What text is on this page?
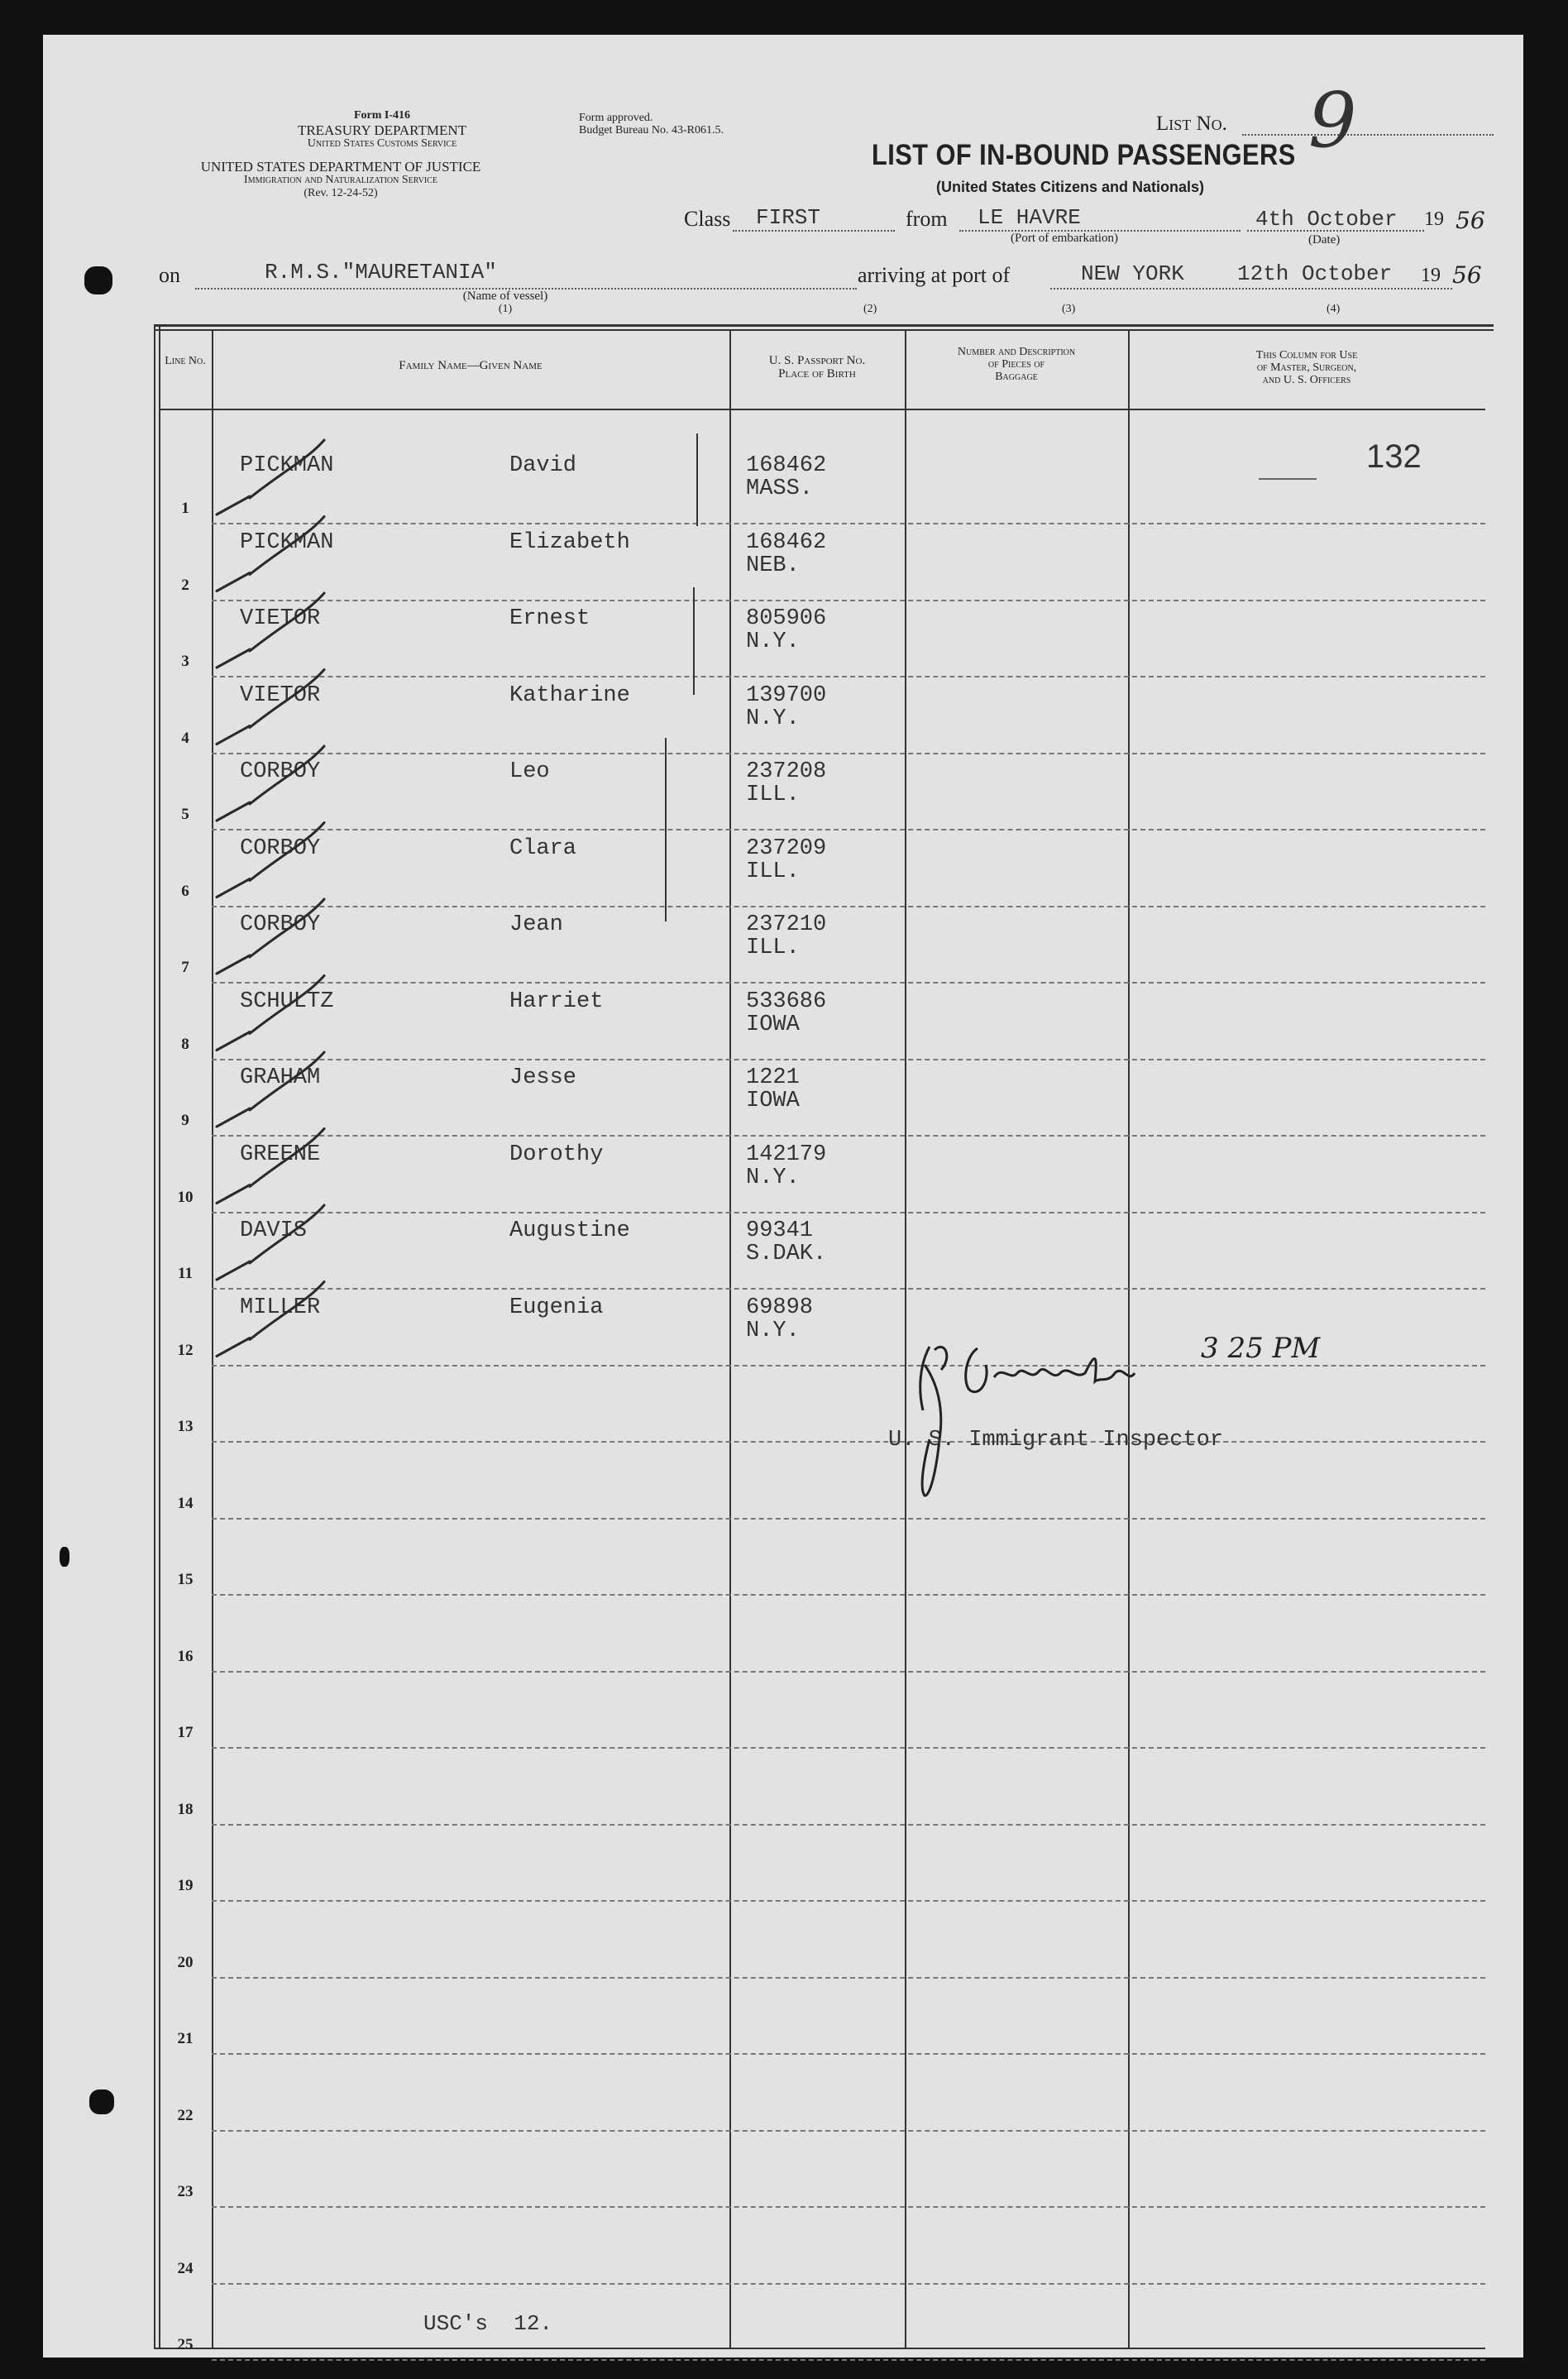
Form I-416
TREASURY DEPARTMENT
United States Customs Service
UNITED STATES DEPARTMENT OF JUSTICE
Immigration and Naturalization Service
(Rev. 12-24-52)
Form approved.
Budget Bureau No. 43-R061.5.	List No. 9
LIST OF IN-BOUND PASSENGERS
(United States Citizens and Nationals)
Class FIRST	from LE HAVRE
(Port of embarkation)
4th October 19 56
(Date)
on	R.M.S."MAURETANIA"
(Name of vessel)
(1)
arriving at port of	NEW YORK 12th October 19 56
(2)	(3)	(4)
Line No.	Family Name—Given Name	U. S. Passport No.
Place of Birth
Number and Description
of Pieces of
Baggage
This Column for Use
of Master, Surgeon,
and U. S. Officers
132
1
PICKMAN	David	168462
MASS.
2
PICKMAN	Elizabeth	168462
NEB.
3
VIETOR	Ernest	805906
N.Y.
4
VIETOR	Katharine	139700
N.Y.
5
CORBOY	Leo	237208
ILL.
6
CORBOY	Clara	237209
ILL.
7
CORBOY	Jean	237210
ILL.
8
SCHULTZ	Harriet	533686
IOWA
9
GRAHAM	Jesse	1221
IOWA
10
GREENE	Dorothy	142179
N.Y.
11
DAVIS	Augustine	99341
S.DAK.
12
MILLER	Eugenia	69898
N.Y.
13
14
15
16
17
18
19
20
21
22
23
24
25
3 25 PM
U. S. Immigrant Inspector
USC's  12.
